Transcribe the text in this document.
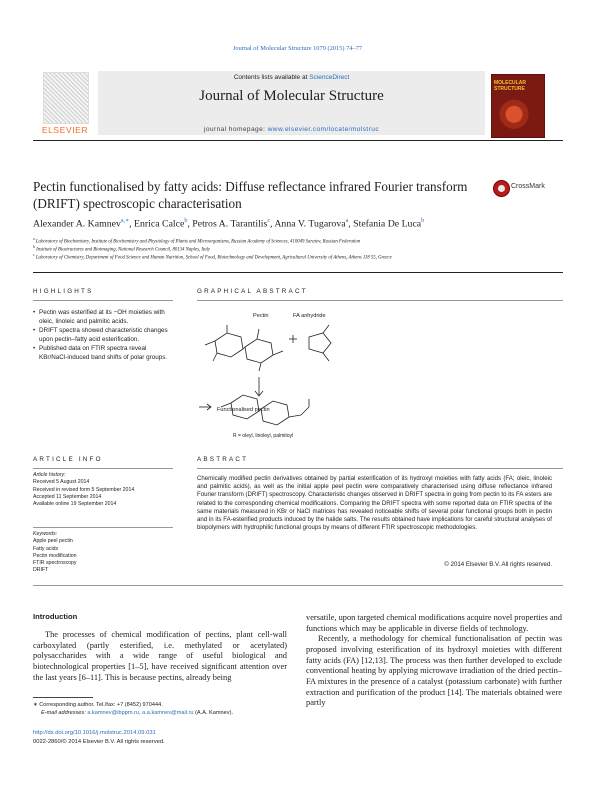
Journal of Molecular Structure 1079 (2015) 74–77
ELSEVIER
Contents lists available at ScienceDirect
Journal of Molecular Structure
journal homepage: www.elsevier.com/locate/molstruc
MOLECULAR STRUCTURE
Pectin functionalised by fatty acids: Diffuse reflectance infrared Fourier transform (DRIFT) spectroscopic characterisation
CrossMark
Alexander A. Kamnev$^{a,∗}$, Enrica Calce$^b$, Petros A. Tarantilis$^c$, Anna V. Tugarova$^a$, Stefania De Luca$^b$
$^a$ Laboratory of Biochemistry, Institute of Biochemistry and Physiology of Plants and Microorganisms, Russian Academy of Sciences, 410049 Saratov, Russian Federation
$^b$ Institute of Biostructures and Bioimaging, National Research Council, 80134 Naples, Italy
$^c$ Laboratory of Chemistry, Department of Food Science and Human Nutrition, School of Food, Biotechnology and Development, Agricultural University of Athens, Athens 118 55, Greece
HIGHLIGHTS
• Pectin was esterified at its −OH moieties with oleic, linoleic and palmitic acids.
• DRIFT spectra showed characteristic changes upon pectin–fatty acid esterification.
• Published data on FTIR spectra reveal KBr/NaCl-induced band shifts of polar groups.
GRAPHICAL ABSTRACT
Pectin	FA anhydride
Functionalised pectin
R = oleyl, linoleyl, palmitoyl
ARTICLE INFO
Article history:
Received 5 August 2014
Received in revised form 5 September 2014
Accepted 11 September 2014
Available online 19 September 2014
Keywords:
Apple peel pectin
Fatty acids
Pectin modification
FTIR spectroscopy
DRIFT
ABSTRACT
Chemically modified pectin derivatives obtained by partial esterification of its hydroxyl moieties with fatty acids (FA; oleic, linoleic and palmitic acids), as well as the initial apple peel pectin were comparatively characterised using diffuse reflectance infrared Fourier transform (DRIFT) spectroscopy. Characteristic changes observed in DRIFT spectra in going from pectin to its FA esters are related to the corresponding chemical modifications. Comparing the DRIFT spectra with some reported data on FTIR spectra of the same materials measured in KBr or NaCl matrices has revealed noticeable shifts of several polar functional groups both in pectin and in its FA-esterified products induced by the halide salts. The results obtained have implications for careful structural analyses of biopolymers with hydrophilic functional groups by means of different FTIR spectroscopic methodologies.
© 2014 Elsevier B.V. All rights reserved.
Introduction

The processes of chemical modification of pectins, plant cell-wall carboxylated (partly esterified, i.e. methylated or acetylated) polysaccharides with a wide range of useful biological and biotechnological properties [1–5], have received significant attention over the last years [6–11]. This is because pectins, already being

versatile, upon targeted chemical modifications acquire novel properties and functions which may be applicable in diverse fields of technology.

Recently, a methodology for chemical functionalisation of pectin was proposed involving esterification of its hydroxyl moieties with different fatty acids (FA) [12,13]. The process was then further developed to exclude conventional heating by applying microwave irradiation of the dried pectin–FA mixtures in the presence of a catalyst (potassium carbonate) with further extraction and purification of the product [14]. The materials obtained were partly

∗ Corresponding author. Tel./fax: +7 (8452) 970444.
E-mail addresses: a.kamnev@ibppm.ru, a.a.kamnev@mail.ru (A.A. Kamnev).
http://dx.doi.org/10.1016/j.molstruc.2014.09.031
0022-2860/© 2014 Elsevier B.V. All rights reserved.
